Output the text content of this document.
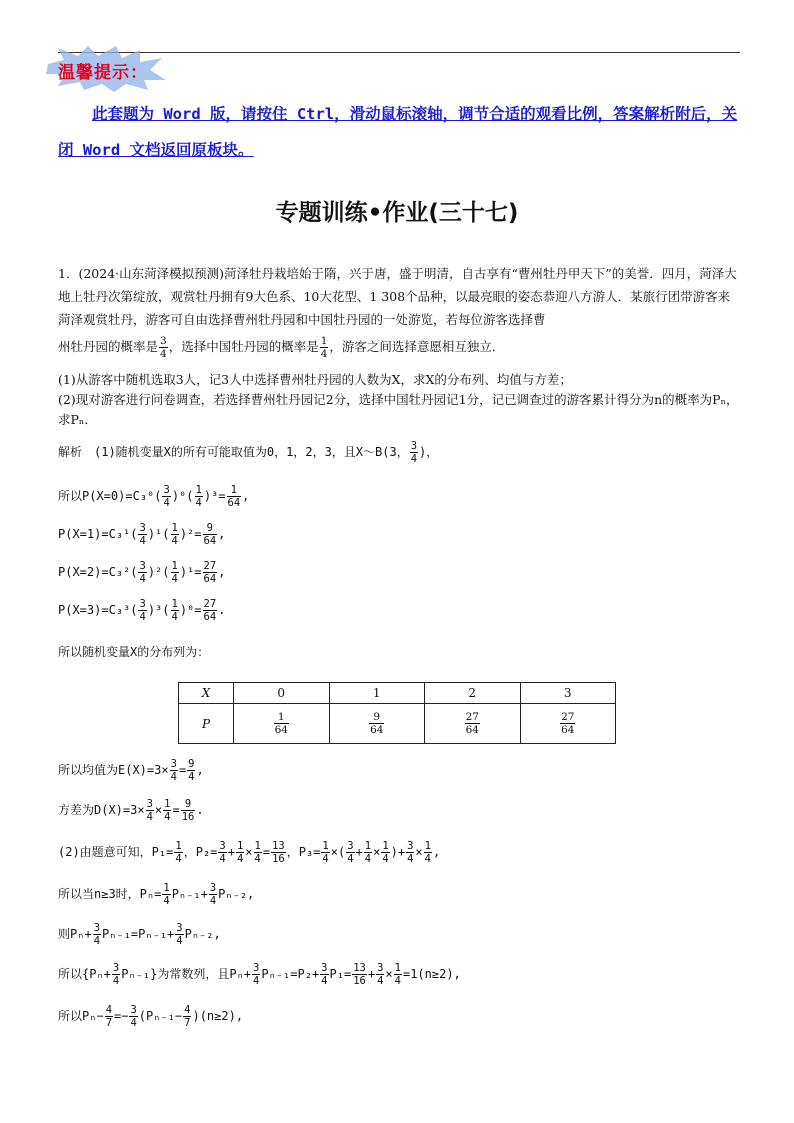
温馨提示：
此套题为 Word 版，请按住 Ctrl，滑动鼠标滚轴，调节合适的观看比例，答案解析附后，关闭 Word 文档返回原板块。
专题训练•作业(三十七)
1．(2024·山东菏泽模拟预测)菏泽牡丹栽培始于隋，兴于唐，盛于明清，自古享有“曹州牡丹甲天下”的美誉．四月，菏泽大地上牡丹次第绽放，观赏牡丹拥有9大色系、10大花型、1 308个品种，以最亮眼的姿态恭迎八方游人．某旅行团带游客来菏泽观赏牡丹，游客可自由选择曹州牡丹园和中国牡丹园的一处游览，若每位游客选择曹
州牡丹园的概率是 $\frac{3}{4}$ ，选择中国牡丹园的概率是 $\frac{1}{4}$ ，游客之间选择意愿相互独立．
(1)从游客中随机选取3人，记3人中选择曹州牡丹园的人数为X，求X的分布列、均值与方差；
(2)现对游客进行问卷调查，若选择曹州牡丹园记2分，选择中国牡丹园记1分，记已调查过的游客累计得分为n的概率为Pₙ，求Pₙ．
解析　(1)随机变量X的所有可能取值为0，1，2，3，且X～B(3， $\frac{3}{4}$ )，
所以$P(X=0)=C_3^0( \frac{3}{4} )^0( \frac{1}{4} )^3= \frac{1}{64}$ ,
$P(X=1)=C_3^1( \frac{3}{4} )^1( \frac{1}{4} )^2= \frac{9}{64}$ ,
$P(X=2)=C_3^2( \frac{3}{4} )^2( \frac{1}{4} )^1= \frac{27}{64}$ ,
$P(X=3)=C_3^3( \frac{3}{4} )^3( \frac{1}{4} )^0= \frac{27}{64}$ .
所以随机变量X的分布列为：
X	0	1	2	3
P	$\frac{1}{64}$	$\frac{9}{64}$	$\frac{27}{64}$	$\frac{27}{64}$
所以均值为$E(X)=3\times \frac{3}{4} = \frac{9}{4}$ ,
方差为$D(X)=3\times \frac{3}{4} \times \frac{1}{4} = \frac{9}{16}$ .
(2)由题意可知，$P_1= \frac{1}{4}$ ，$P_2= \frac{3}{4} + \frac{1}{4} \times \frac{1}{4} = \frac{13}{16}$ ，$P_3= \frac{1}{4}$ ×( $\frac{3}{4} + \frac{1}{4} \times \frac{1}{4}$ )+ $\frac{3}{4} \times \frac{1}{4}$ ,
所以当n≥3时，$P_n= \frac{1}{4} P_{n-1}+ \frac{3}{4} P_{n-2}$,
则$P_n+ \frac{3}{4} P_{n-1}=P_{n-1}+ \frac{3}{4} P_{n-2}$,
所以$\{P_n+ \frac{3}{4} P_{n-1}\}$为常数列，且$P_n+ \frac{3}{4} P_{n-1}=P_2+ \frac{3}{4} P_1= \frac{13}{16} + \frac{3}{4} \times \frac{1}{4} =1(n\ge 2)$,
所以$P_n- \frac{4}{7} =- \frac{3}{4} (P_{n-1}- \frac{4}{7} )(n\ge 2)$,
